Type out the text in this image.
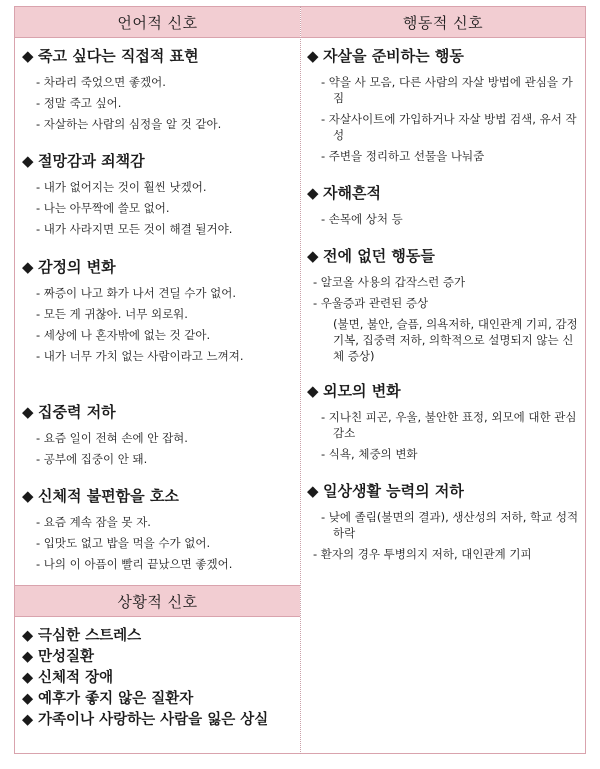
언어적 신호	행동적 신호
상황적 신호
◆ 죽고 싶다는 직접적 표현
- 차라리 죽었으면 좋겠어.
- 정말 죽고 싶어.
- 자살하는 사람의 심정을 알 것 같아.
◆ 절망감과 죄책감
- 내가 없어지는 것이 훨씬 낫겠어.
- 나는 아무짝에 쓸모 없어.
- 내가 사라지면 모든 것이 해결 될거야.
◆ 감정의 변화
- 짜증이 나고 화가 나서 견딜 수가 없어.
- 모든 게 귀찮아. 너무 외로워.
- 세상에 나 혼자밖에 없는 것 같아.
- 내가 너무 가치 없는 사람이라고 느껴져.
◆ 집중력 저하
- 요즘 일이 전혀 손에 안 잡혀.
- 공부에 집중이 안 돼.
◆ 신체적 불편함을 호소
- 요즘 계속 잠을 못 자.
- 입맛도 없고 밥을 먹을 수가 없어.
- 나의 이 아픔이 빨리 끝났으면 좋겠어.
◆ 자살을 준비하는 행동
- 약을 사 모음, 다른 사람의 자살 방법에 관심을 가짐
- 자살사이트에 가입하거나 자살 방법 검색, 유서 작성
- 주변을 정리하고 선물을 나눠줌
◆ 자해흔적
- 손목에 상처 등
◆ 전에 없던 행동들
- 알코올 사용의 갑작스런 증가
- 우울증과 관련된 증상
(불면, 불안, 슬픔, 의욕저하, 대인관계 기피, 감정기복, 집중력 저하, 의학적으로 설명되지 않는 신체 증상)
◆ 외모의 변화
- 지나친 피곤, 우울, 불안한 표정, 외모에 대한 관심 감소
- 식욕, 체중의 변화
◆ 일상생활 능력의 저하
- 낮에 졸림(불면의 결과), 생산성의 저하, 학교 성적 하락
- 환자의 경우 투병의지 저하, 대인관계 기피
◆ 극심한 스트레스
◆ 만성질환
◆ 신체적 장애
◆ 예후가 좋지 않은 질환자
◆ 가족이나 사랑하는 사람을 잃은 상실
